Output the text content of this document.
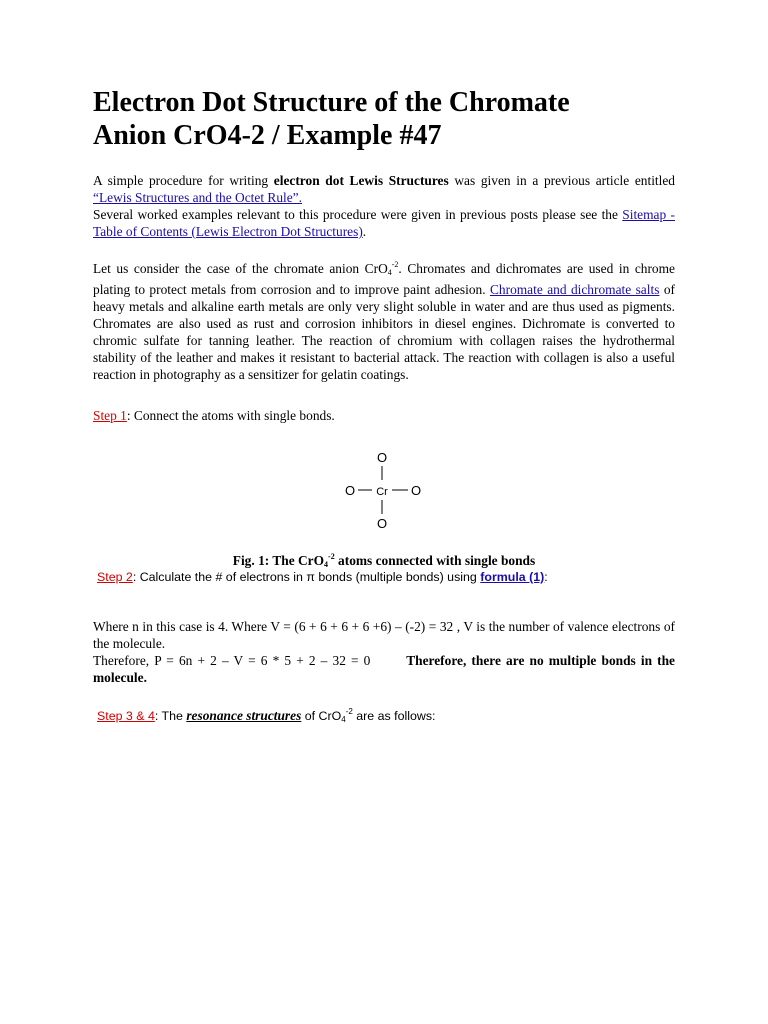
Electron Dot Structure of the Chromate
Anion CrO4-2 / Example #47
A simple procedure for writing electron dot Lewis Structures was given in a previous article entitled “Lewis Structures and the Octet Rule”.
Several worked examples relevant to this procedure were given in previous posts please see the Sitemap - Table of Contents (Lewis Electron Dot Structures).
Let us consider the case of the chromate anion CrO$_4^{-2}$. Chromates and dichromates are used in chrome plating to protect metals from corrosion and to improve paint adhesion. Chromate and dichromate salts of heavy metals and alkaline earth metals are only very slight soluble in water and are thus used as pigments. Chromates are also used as rust and corrosion inhibitors in diesel engines. Dichromate is converted to chromic sulfate for tanning leather. The reaction of chromium with collagen raises the hydrothermal stability of the leather and makes it resistant to bacterial attack. The reaction with collagen is also a useful reaction in photography as a sensitizer for gelatin coatings.
Step 1: Connect the atoms with single bonds.
O
O Cr O
O
Fig. 1: The CrO$_4^{-2}$ atoms connected with single bonds
Step 2: Calculate the # of electrons in π bonds (multiple bonds) using formula (1):
Where n in this case is 4. Where V = (6 + 6 + 6 + 6 +6) – (-2) = 32 , V is the number of valence electrons of the molecule.
Therefore, P = 6n + 2 – V = 6 * 5 + 2 – 32 = 0	Therefore, there are no multiple bonds in the molecule.
Step 3 & 4: The resonance structures of CrO$_4^{-2}$ are as follows:
